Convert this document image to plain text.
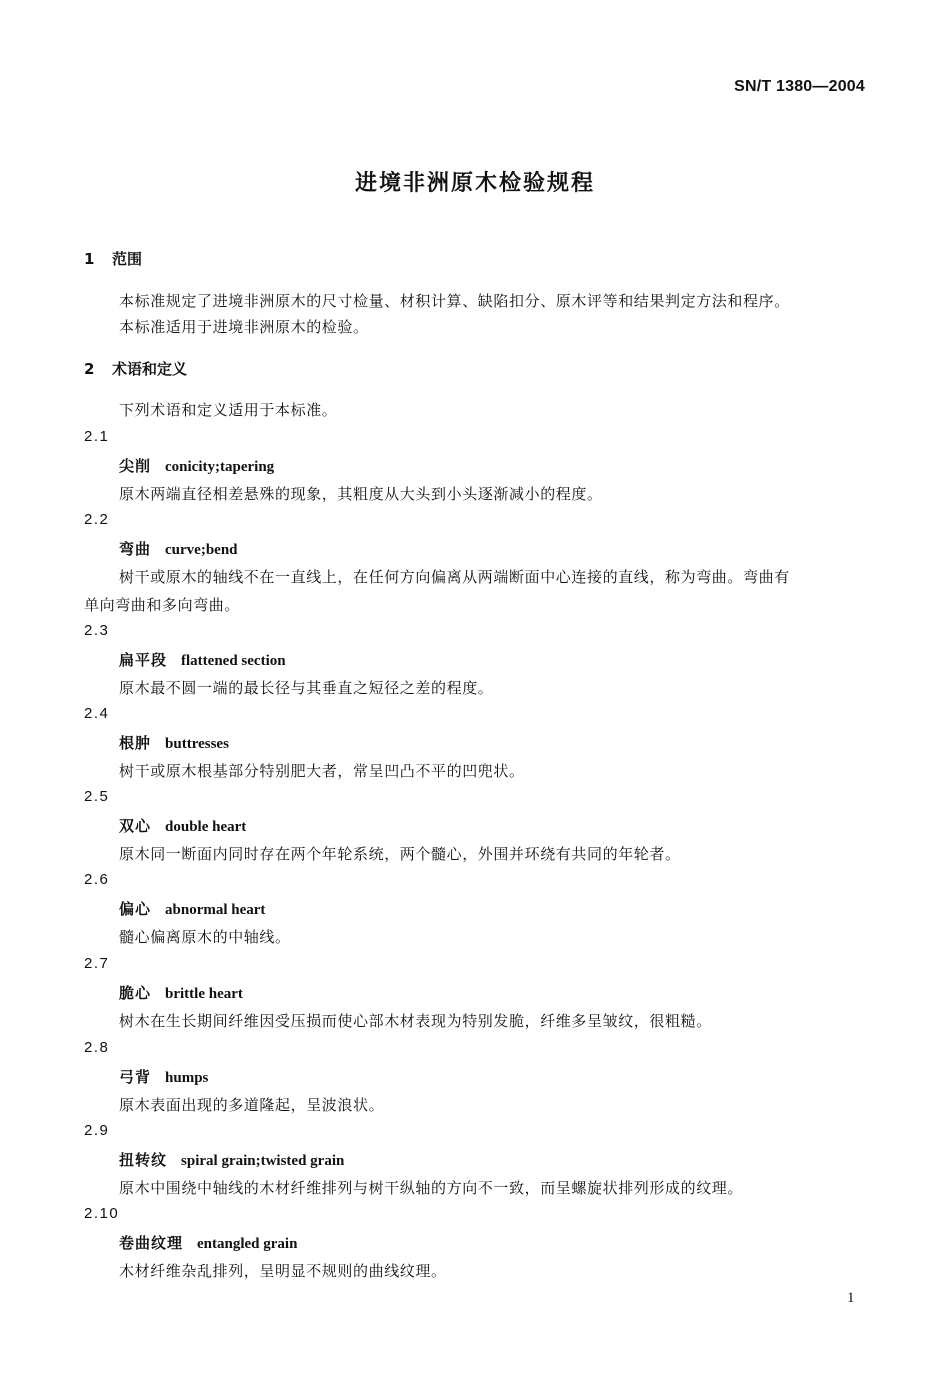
SN/T 1380—2004
进境非洲原木检验规程
1 范围
本标准规定了进境非洲原木的尺寸检量、材积计算、缺陷扣分、原木评等和结果判定方法和程序。
本标准适用于进境非洲原木的检验。
2 术语和定义
下列术语和定义适用于本标准。
2.1
尖削 conicity;tapering
原木两端直径相差悬殊的现象，其粗度从大头到小头逐渐减小的程度。
2.2
弯曲 curve;bend
树干或原木的轴线不在一直线上，在任何方向偏离从两端断面中心连接的直线，称为弯曲。弯曲有
单向弯曲和多向弯曲。
2.3
扁平段 flattened section
原木最不圆一端的最长径与其垂直之短径之差的程度。
2.4
根肿 buttresses
树干或原木根基部分特别肥大者，常呈凹凸不平的凹兜状。
2.5
双心 double heart
原木同一断面内同时存在两个年轮系统，两个髓心，外围并环绕有共同的年轮者。
2.6
偏心 abnormal heart
髓心偏离原木的中轴线。
2.7
脆心 brittle heart
树木在生长期间纤维因受压损而使心部木材表现为特别发脆，纤维多呈皱纹，很粗糙。
2.8
弓背 humps
原木表面出现的多道隆起，呈波浪状。
2.9
扭转纹 spiral grain;twisted grain
原木中围绕中轴线的木材纤维排列与树干纵轴的方向不一致，而呈螺旋状排列形成的纹理。
2.10
卷曲纹理 entangled grain
木材纤维杂乱排列，呈明显不规则的曲线纹理。
1
